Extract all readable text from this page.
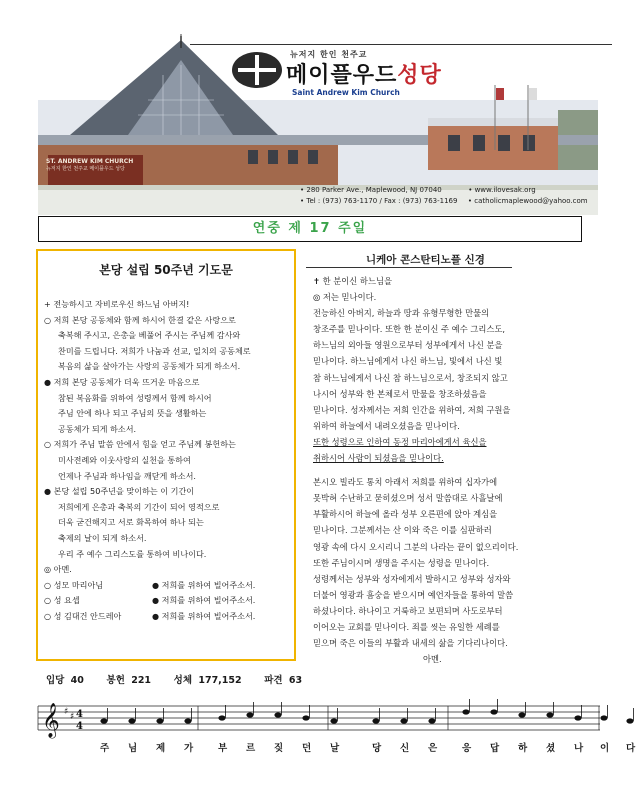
뉴저지 한인 천주교
메이플우드성당
Saint Andrew Kim Church
ST. ANDREW KIM CHURCH
뉴저지 한인 천주교 메이플우드 성당
• 280 Parker Ave., Maplewood, NJ 07040	• www.ilovesak.org
• Tel : (973) 763-1170 / Fax : (973) 763-1169 • catholicmaplewood@yahoo.com
연중 제 17 주일
본당 설립 50주년 기도문
+ 전능하시고 자비로우신 하느님 아버지!
○ 저희 본당 공동체와 함께 하시어 한결 같은 사랑으로
축복해 주시고, 은총을 베풀어 주시는 주님께 감사와
찬미를 드립니다. 저희가 나눔과 선교, 일치의 공동체로
복음의 삶을 살아가는 사랑의 공동체가 되게 하소서.
● 저희 본당 공동체가 더욱 뜨거운 마음으로
참된 복음화를 위하여 성령께서 함께 하시어
주님 안에 하나 되고 주님의 뜻을 생활하는
공동체가 되게 하소서.
○ 저희가 주님 말씀 안에서 힘을 얻고 주님께 봉헌하는
미사전례와 이웃사랑의 실천을 통하여
언제나 주님과 하나임을 깨닫게 하소서.
● 본당 설립 50주년을 맞이하는 이 기간이
저희에게 은총과 축복의 기간이 되어 영적으로
더욱 굳건해지고 서로 화목하여 하나 되는
축제의 날이 되게 하소서.
우리 주 예수 그리스도를 통하여 비나이다.
◎ 아멘.
○ 성모 마리아님	● 저희를 위하여 빌어주소서.
○ 성 요셉	● 저희를 위하여 빌어주소서.
○ 성 김대건 안드레아	● 저희를 위하여 빌어주소서.
니케아 콘스탄티노플 신경
✝ 한 분이신 하느님을
◎ 저는 믿나이다.
전능하신 아버지, 하늘과 땅과 유형무형한 만물의
창조주를 믿나이다. 또한 한 분이신 주 예수 그리스도,
하느님의 외아들 영원으로부터 성부에게서 나신 분을
믿나이다. 하느님에게서 나신 하느님, 빛에서 나신 빛
참 하느님에게서 나신 참 하느님으로서, 창조되지 않고
나시어 성부와 한 본체로서 만물을 창조하셨음을
믿나이다. 성자께서는 저희 인간을 위하여, 저희 구원을
위하여 하늘에서 내려오셨음을 믿나이다.
또한 성령으로 인하여 동정 마리아에게서 육신을
취하시어 사람이 되셨음을 믿나이다.
본시오 빌라도 통치 아래서 저희를 위하여 십자가에
못박혀 수난하고 묻히셨으며 성서 말씀대로 사흘날에
부활하시어 하늘에 올라 성부 오른편에 앉아 계심을
믿나이다. 그분께서는 산 이와 죽은 이를 심판하러
영광 속에 다시 오시리니 그분의 나라는 끝이 없으리이다.
또한 주님이시며 생명을 주시는 성령을 믿나이다.
성령께서는 성부와 성자에게서 발하시고 성부와 성자와
더불어 영광과 흠숭을 받으시며 예언자들을 통하여 말씀
하셨나이다. 하나이고 거룩하고 보편되며 사도로부터
이어오는 교회를 믿나이다. 죄를 씻는 유일한 세례를
믿으며 죽은 이들의 부활과 내세의 삶을 기다리나이다.
아멘.
입당 40 봉헌 221 성체 177,152 파견 63
𝄞 ♯ ♯ 4
4
주 님 제 가	부 르 짖 던 날	당 신 은	응 답 하 셨 나 이 다
